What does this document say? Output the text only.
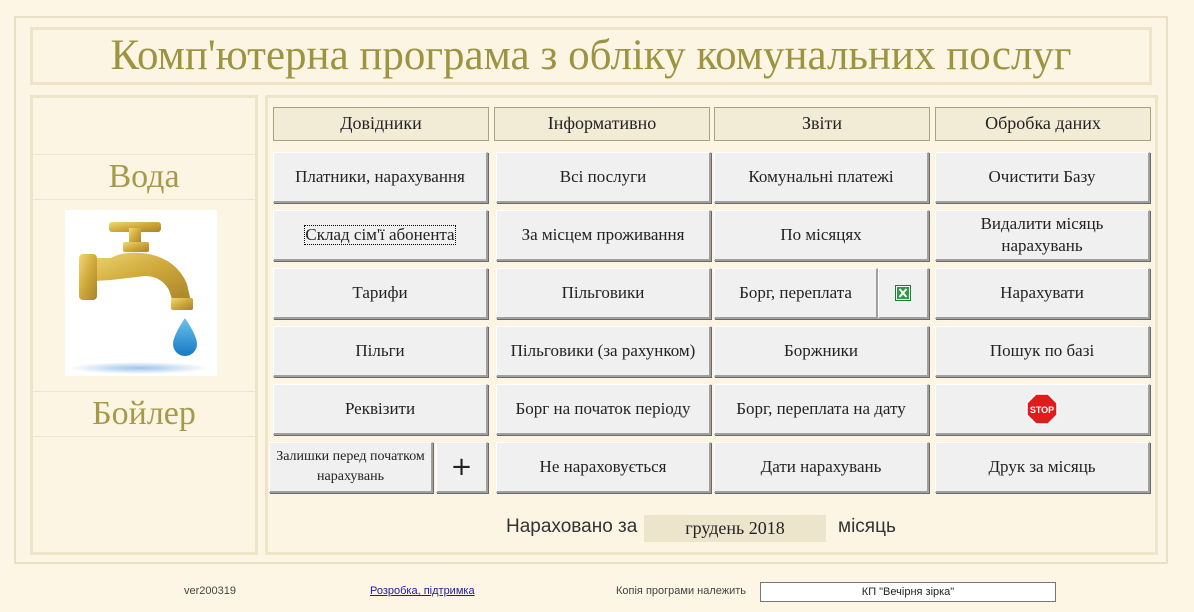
Комп'ютерна програма з обліку комунальних послуг
Вода
Бойлер
Довідники	Інформативно	Звіти	Обробка даних
Платники, нарахування
Склад сім'ї абонента
Тарифи
Пільги
Реквізити
Залишки перед початком нарахувань	+
Всі послуги
За місцем проживання
Пільговики
Пільговики (за рахунком)
Борг на початок періоду
Не нараховується
Комунальні платежі
По місяцях
Борг, переплата
Боржники
Борг, переплата на дату
Дати нарахувань
Очистити Базу
Видалити місяць нарахувань
Нарахувати
Пошук по базі
STOP
Друк за місяць
Нараховано за	грудень 2018	місяць
ver200319	Розробка, підтримка	Копія програми належить	КП "Вечірня зірка"
